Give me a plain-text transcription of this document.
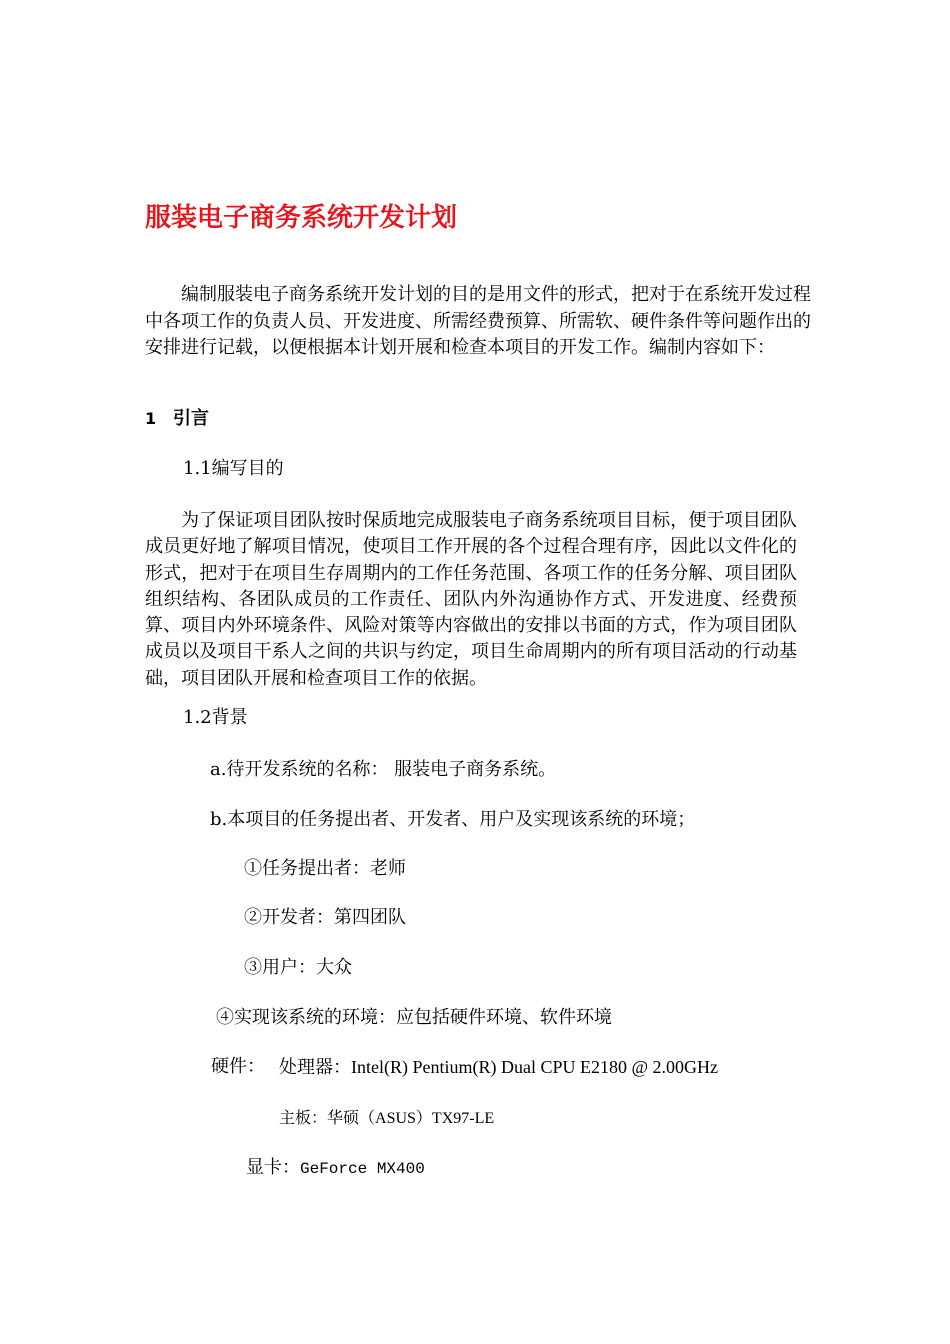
服装电子商务系统开发计划
编制服装电子商务系统开发计划的目的是用文件的形式，把对于在系统开发过程中各项工作的负责人员、开发进度、所需经费预算、所需软、硬件条件等问题作出的安排进行记载，以便根据本计划开展和检查本项目的开发工作。编制内容如下：
1 引言
1.1编写目的
为了保证项目团队按时保质地完成服装电子商务系统项目目标，便于项目团队成员更好地了解项目情况，使项目工作开展的各个过程合理有序，因此以文件化的形式，把对于在项目生存周期内的工作任务范围、各项工作的任务分解、项目团队组织结构、各团队成员的工作责任、团队内外沟通协作方式、开发进度、经费预算、项目内外环境条件、风险对策等内容做出的安排以书面的方式，作为项目团队成员以及项目干系人之间的共识与约定，项目生命周期内的所有项目活动的行动基础，项目团队开展和检查项目工作的依据。
1.2背景
a.待开发系统的名称： 服装电子商务系统。
b.本项目的任务提出者、开发者、用户及实现该系统的环境；
①任务提出者：老师
②开发者：第四团队
③用户：大众
④实现该系统的环境：应包括硬件环境、软件环境
硬件： 处理器：Intel(R) Pentium(R) Dual CPU E2180 @ 2.00GHz
主板：华硕（ASUS）TX97-LE
显卡：GeForce MX400
